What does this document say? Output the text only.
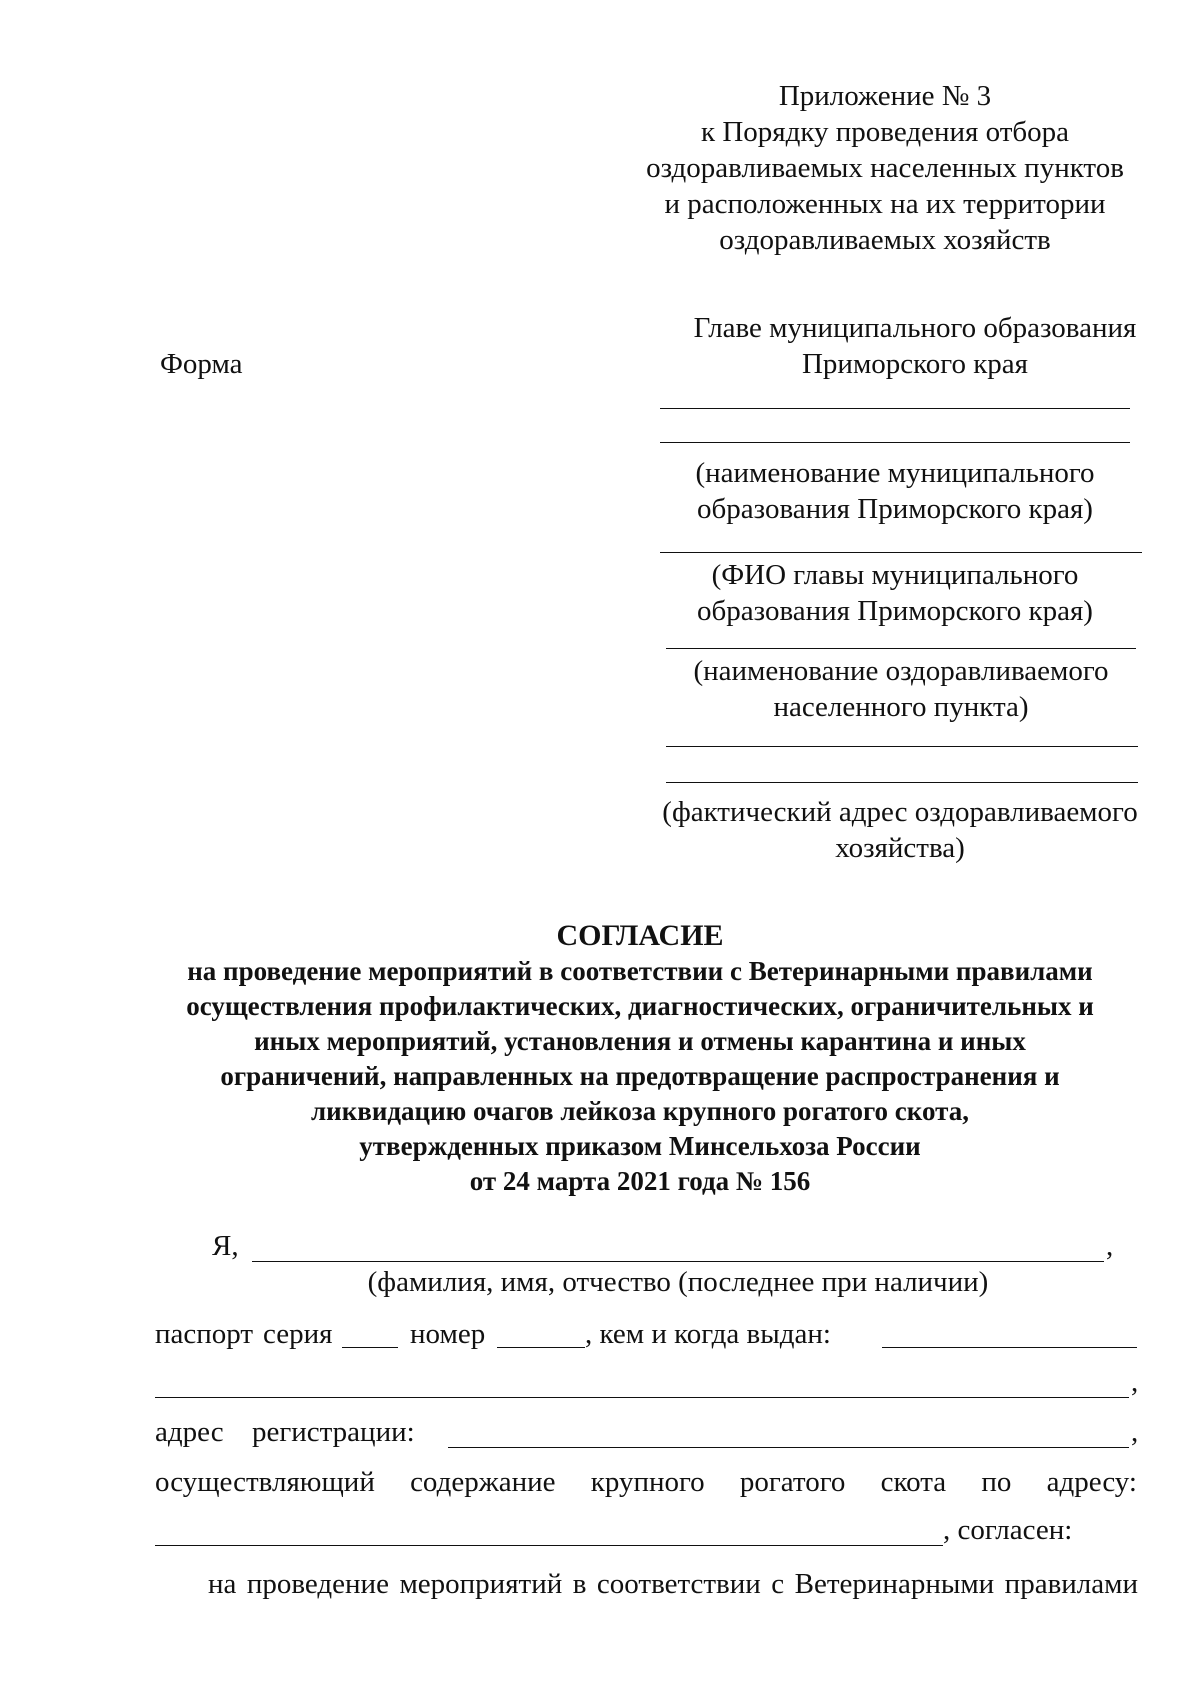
Приложение № 3
к Порядку проведения отбора
оздоравливаемых населенных пунктов
и расположенных на их территории
оздоравливаемых хозяйств
Форма
Главе муниципального образования
Приморского края
(наименование муниципального
образования Приморского края)
(ФИО главы муниципального
образования Приморского края)
(наименование оздоравливаемого
населенного пункта)
(фактический адрес оздоравливаемого
хозяйства)
СОГЛАСИЕ
на проведение мероприятий в соответствии с Ветеринарными правилами
осуществления профилактических, диагностических, ограничительных и
иных мероприятий, установления и отмены карантина и иных
ограничений, направленных на предотвращение распространения и
ликвидацию очагов лейкоза крупного рогатого скота,
утвержденных приказом Минсельхоза России
от 24 марта 2021 года № 156
Я,	,
(фамилия, имя, отчество (последнее при наличии)
паспорт серия	номер	, кем и когда выдан:
,
адрес регистрации:	,
осуществляющий содержание крупного рогатого скота по адресу:
, согласен:
на проведение мероприятий в соответствии с Ветеринарными правилами
